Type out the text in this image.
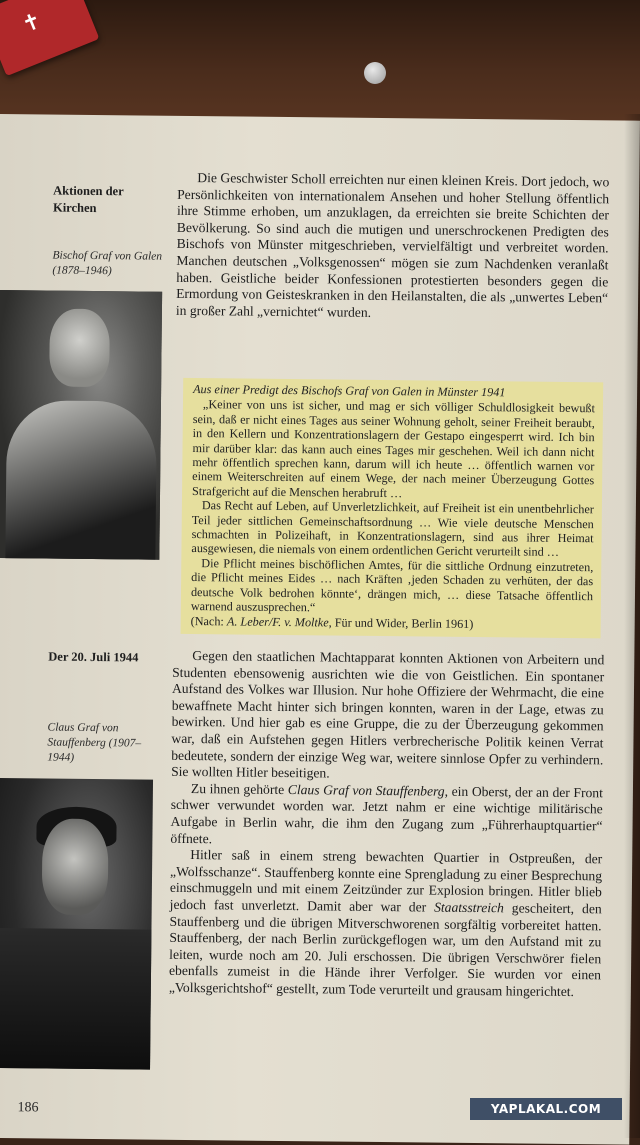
✝
Aktionen der Kirchen
Bischof Graf von Galen (1878–1946)
Der 20. Juli 1944
Claus Graf von Stauffenberg (1907–1944)

Die Geschwister Scholl erreichten nur einen kleinen Kreis. Dort jedoch, wo Persönlichkeiten von internationalem Ansehen und hoher Stellung öffentlich ihre Stimme erhoben, um anzuklagen, da erreichten sie breite Schichten der Bevölkerung. So sind auch die mutigen und unerschrockenen Predigten des Bischofs von Münster mitgeschrieben, vervielfältigt und verbreitet worden. Manchen deutschen „Volksgenossen“ mögen sie zum Nachdenken veranlaßt haben. Geistliche beider Konfessionen protestierten besonders gegen die Ermordung von Geisteskranken in den Heilanstalten, die als „unwertes Leben“ in großer Zahl „vernichtet“ wurden.

Aus einer Predigt des Bischofs Graf von Galen in Münster 1941

„Keiner von uns ist sicher, und mag er sich völliger Schuldlosigkeit bewußt sein, daß er nicht eines Tages aus seiner Wohnung geholt, seiner Freiheit beraubt, in den Kellern und Konzentrationslagern der Gestapo eingesperrt wird. Ich bin mir darüber klar: das kann auch eines Tages mir geschehen. Weil ich dann nicht mehr öffentlich sprechen kann, darum will ich heute … öffentlich warnen vor einem Weiterschreiten auf einem Wege, der nach meiner Überzeugung Gottes Strafgericht auf die Menschen herabruft …

Das Recht auf Leben, auf Unverletzlichkeit, auf Freiheit ist ein unentbehrlicher Teil jeder sittlichen Gemeinschaftsordnung … Wie viele deutsche Menschen schmachten in Polizeihaft, in Konzentrationslagern, sind aus ihrer Heimat ausgewiesen, die niemals von einem ordentlichen Gericht verurteilt sind …

Die Pflicht meines bischöflichen Amtes, für die sittliche Ordnung einzutreten, die Pflicht meines Eides … nach Kräften ‚jeden Schaden zu verhüten, der das deutsche Volk bedrohen könnte‘, drängen mich, … diese Tatsache öffentlich warnend auszusprechen.“

(Nach: A. Leber/F. v. Moltke, Für und Wider, Berlin 1961)

Gegen den staatlichen Machtapparat konnten Aktionen von Arbeitern und Studenten ebensowenig ausrichten wie die von Geistlichen. Ein spontaner Aufstand des Volkes war Illusion. Nur hohe Offiziere der Wehrmacht, die eine bewaffnete Macht hinter sich bringen konnten, waren in der Lage, etwas zu bewirken. Und hier gab es eine Gruppe, die zu der Überzeugung gekommen war, daß ein Aufstehen gegen Hitlers verbrecherische Politik keinen Verrat bedeutete, sondern der einzige Weg war, weitere sinnlose Opfer zu verhindern. Sie wollten Hitler beseitigen.

Zu ihnen gehörte Claus Graf von Stauffenberg, ein Oberst, der an der Front schwer verwundet worden war. Jetzt nahm er eine wichtige militärische Aufgabe in Berlin wahr, die ihm den Zugang zum „Führerhauptquartier“ öffnete.

Hitler saß in einem streng bewachten Quartier in Ostpreußen, der „Wolfsschanze“. Stauffenberg konnte eine Sprengladung zu einer Besprechung einschmuggeln und mit einem Zeitzünder zur Explosion bringen. Hitler blieb jedoch fast unverletzt. Damit aber war der Staatsstreich gescheitert, den Stauffenberg und die übrigen Mitverschworenen sorgfältig vorbereitet hatten. Stauffenberg, der nach Berlin zurückgeflogen war, um den Aufstand mit zu leiten, wurde noch am 20. Juli erschossen. Die übrigen Verschwörer fielen ebenfalls zumeist in die Hände ihrer Verfolger. Sie wurden vor einen „Volksgerichtshof“ gestellt, zum Tode verurteilt und grausam hingerichtet.

186	YAPLAKAL.COM
